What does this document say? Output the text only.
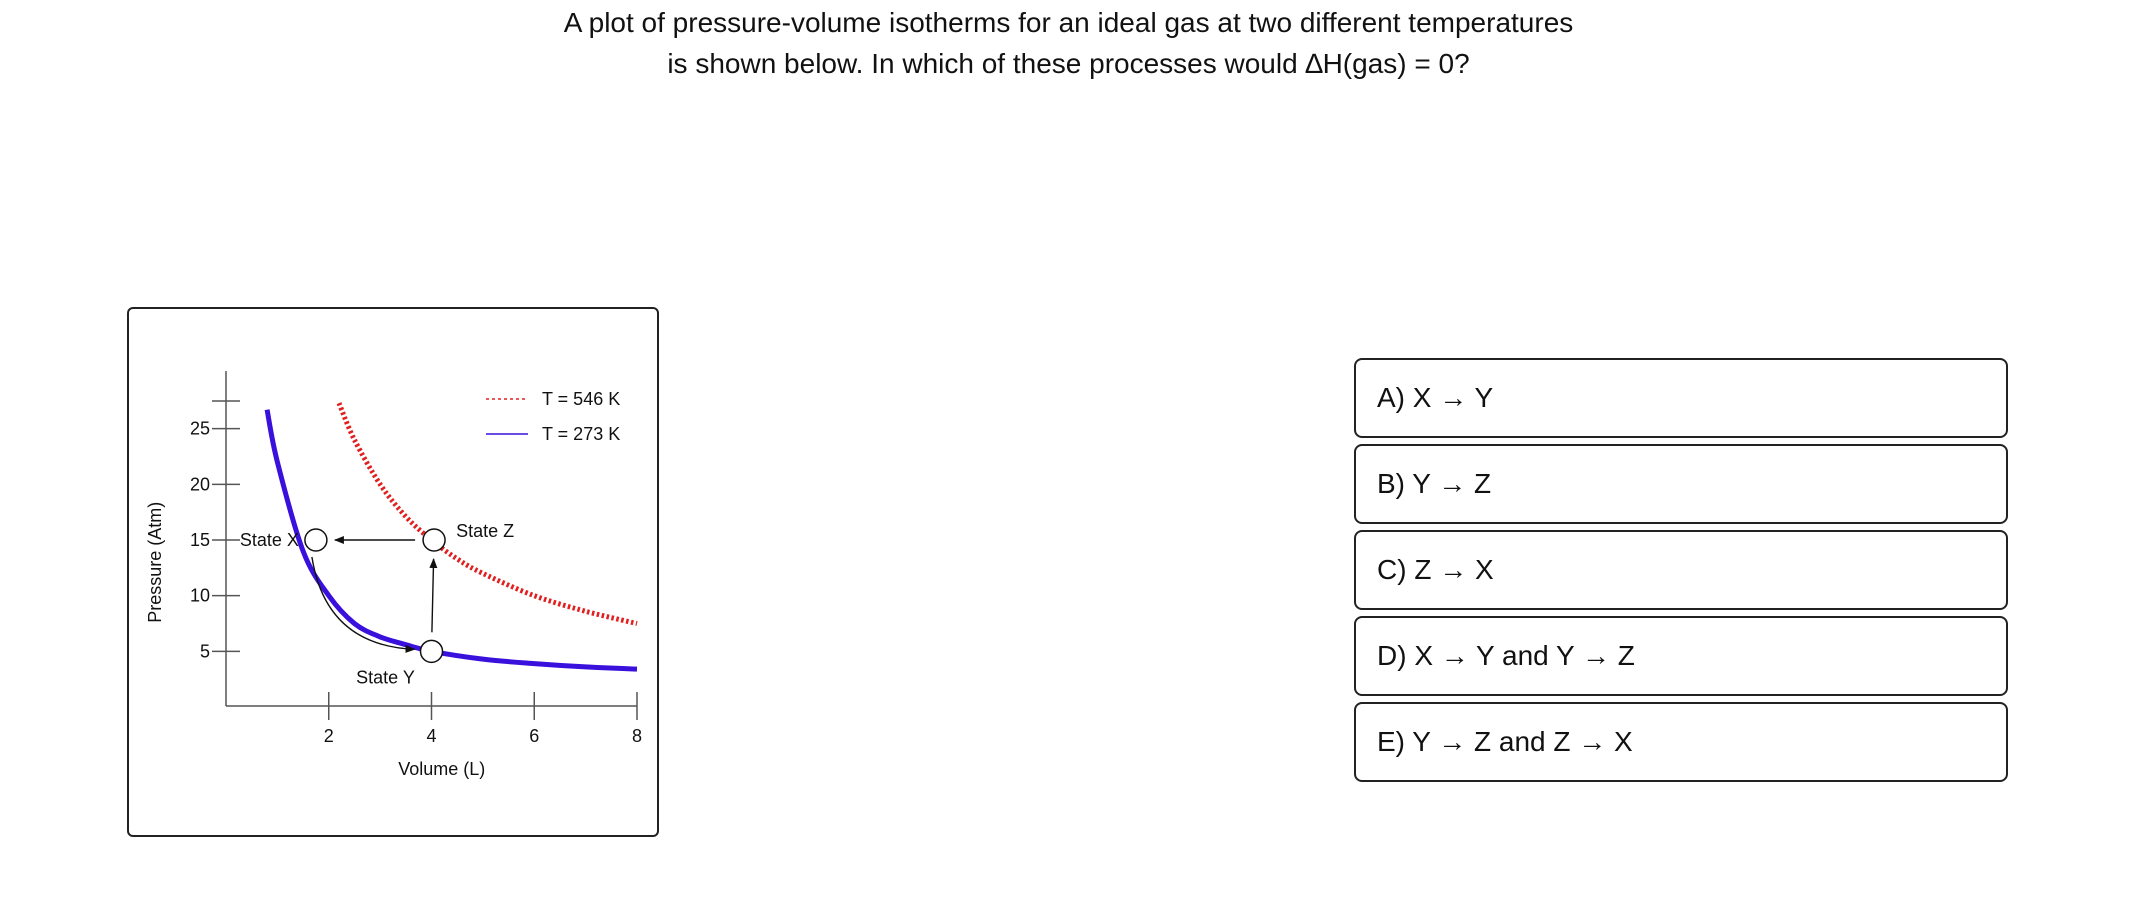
A plot of pressure-volume isotherms for an ideal gas at two different temperatures
is shown below. In which of these processes would ∆H(gas) = 0?
5
10
15
20
25
2	4	6	8
Volume (L)
Pressure (Atm)	State X
State Y
State Z
T = 546 K
T = 273 K
A) X → Y
B) Y → Z
C) Z → X
D) X → Y and Y → Z
E) Y → Z and Z → X
